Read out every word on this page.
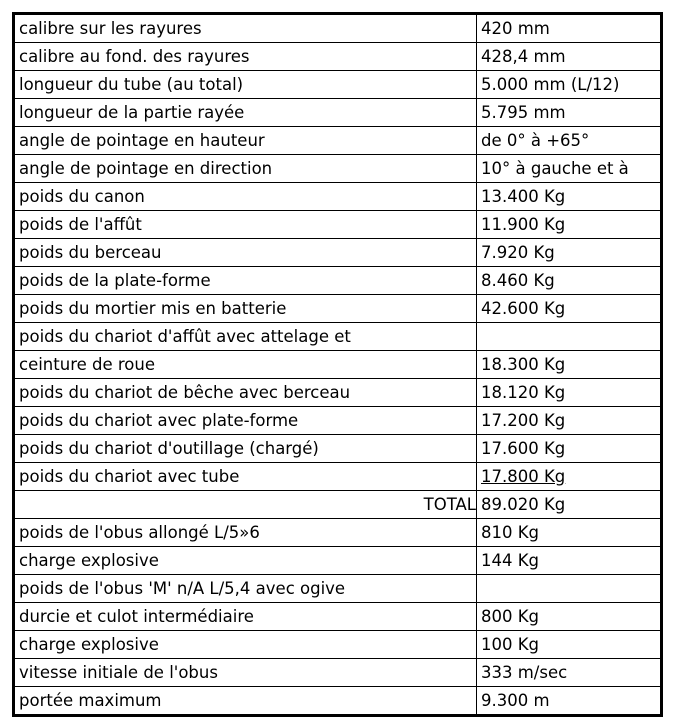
calibre sur les rayures	420 mm
calibre au fond. des rayures	428,4 mm
longueur du tube (au total)	5.000 mm (L/12)
longueur de la partie rayée	5.795 mm
angle de pointage en hauteur	de 0° à +65°
angle de pointage en direction	10° à gauche et à
poids du canon	13.400 Kg
poids de l'affût	11.900 Kg
poids du berceau	7.920 Kg
poids de la plate-forme	8.460 Kg
poids du mortier mis en batterie	42.600 Kg
poids du chariot d'affût avec attelage et	
ceinture de roue	18.300 Kg
poids du chariot de bêche avec berceau	18.120 Kg
poids du chariot avec plate-forme	17.200 Kg
poids du chariot d'outillage (chargé)	17.600 Kg
poids du chariot avec tube	17.800 Kg
TOTAL	89.020 Kg
poids de l'obus allongé L/5»6	810 Kg
charge explosive	144 Kg
poids de l'obus 'M' n/A L/5,4 avec ogive	
durcie et culot intermédiaire	800 Kg
charge explosive	100 Kg
vitesse initiale de l'obus	333 m/sec
portée maximum	9.300 m
